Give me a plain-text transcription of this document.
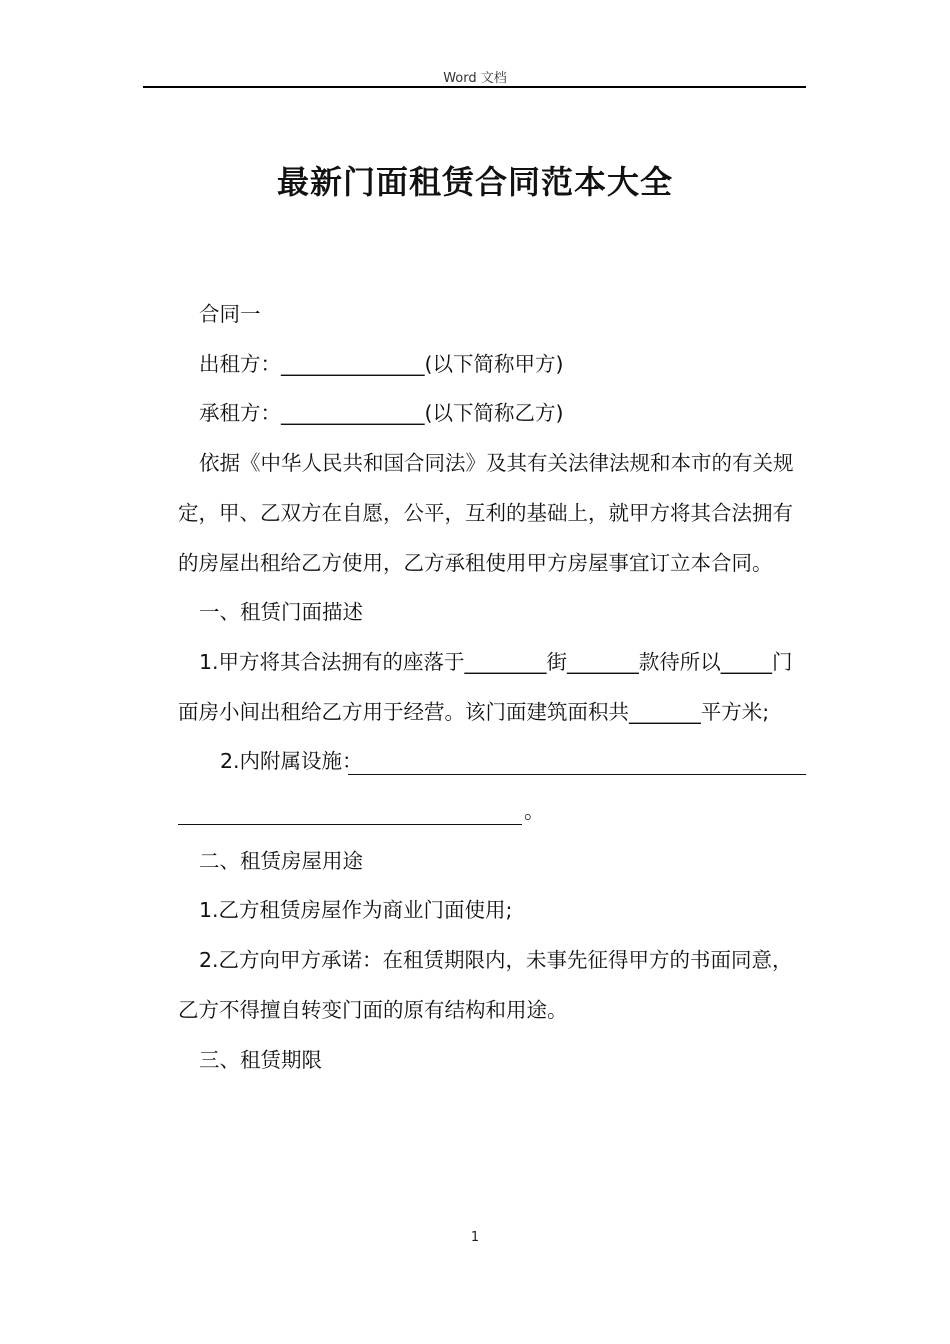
Word 文档
最新门面租赁合同范本大全

合同一

出租方：______________(以下简称甲方)

承租方：______________(以下简称乙方)

依据《中华人民共和国合同法》及其有关法律法规和本市的有关规定，甲、乙双方在自愿，公平，互利的基础上，就甲方将其合法拥有的房屋出租给乙方使用，乙方承租使用甲方房屋事宜订立本合同。

一、租赁门面描述

1.甲方将其合法拥有的座落于________街_______款待所以_____门面房小间出租给乙方用于经营。该门面建筑面积共_______平方米;

2.内附属设施：
。

二、租赁房屋用途

1.乙方租赁房屋作为商业门面使用;

2.乙方向甲方承诺：在租赁期限内，未事先征得甲方的书面同意，乙方不得擅自转变门面的原有结构和用途。

三、租赁期限

1
